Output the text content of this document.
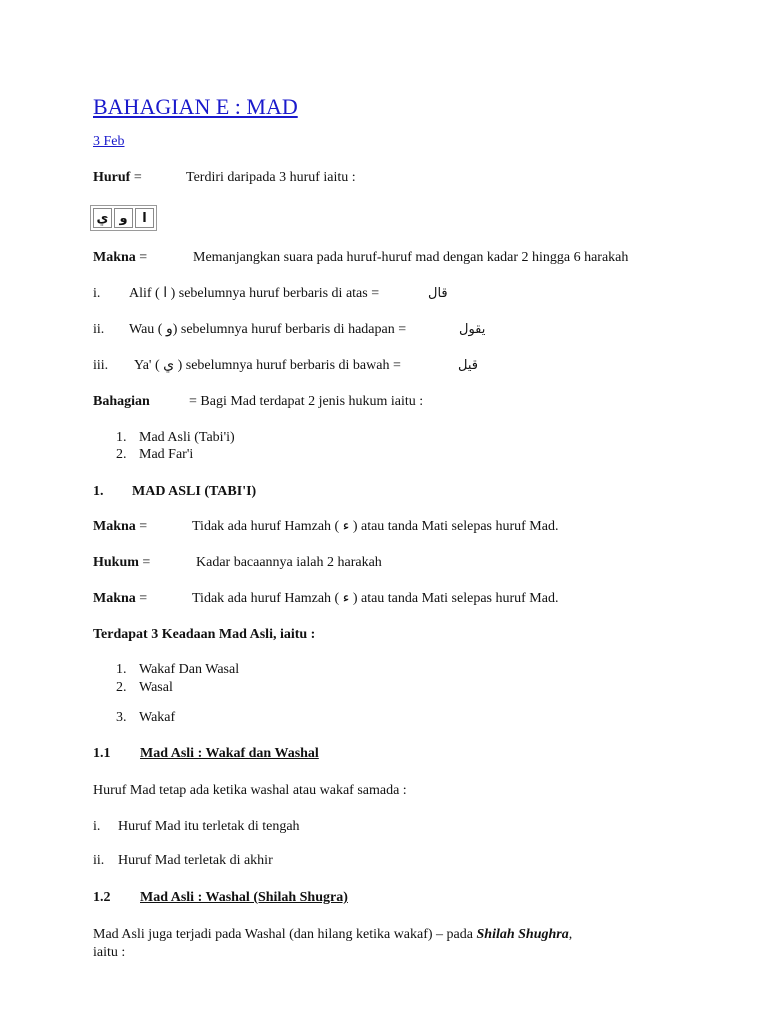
BAHAGIAN E : MAD
3 Feb
Huruf =	Terdiri daripada 3 huruf iaitu :
ي و	ا
Makna =	Memanjangkan suara pada huruf-huruf mad dengan kadar 2 hingga 6 harakah
i. Alif ( ا ) sebelumnya huruf berbaris di atas =	قال
ii. Wau ( و) sebelumnya huruf berbaris di hadapan =	يقول
iii. Ya' ( ي ) sebelumnya huruf berbaris di bawah =	قيل
Bahagian	= Bagi Mad terdapat 2 jenis hukum iaitu :
1. Mad Asli (Tabi'i)
2. Mad Far'i
1. MAD ASLI (TABI'I)
Makna =	Tidak ada huruf Hamzah ( ء ) atau tanda Mati selepas huruf Mad.
Hukum =	Kadar bacaannya ialah 2 harakah
Makna =	Tidak ada huruf Hamzah ( ء ) atau tanda Mati selepas huruf Mad.
Terdapat 3 Keadaan Mad Asli, iaitu :
1. Wakaf Dan Wasal
2. Wasal
3. Wakaf
1.1 Mad Asli : Wakaf dan Washal
Huruf Mad tetap ada ketika washal atau wakaf samada :
i. Huruf Mad itu terletak di tengah
ii. Huruf Mad terletak di akhir
1.2 Mad Asli : Washal (Shilah Shugra)
Mad Asli juga terjadi pada Washal (dan hilang ketika wakaf) – pada Shilah Shughra,
iaitu :
